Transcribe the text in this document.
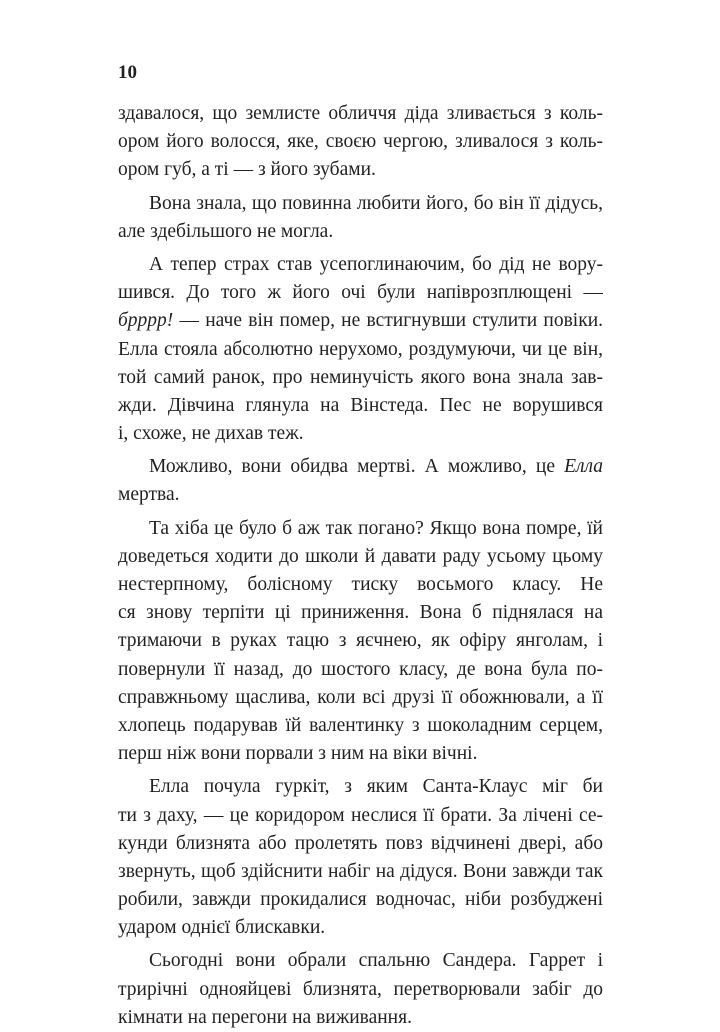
10
здавалося, що землисте обличчя діда зливається з коль-
ором його волосся, яке, своєю чергою, зливалося з коль-
ором губ, а ті — з його зубами.
Вона знала, що повинна любити його, бо він її дідусь,
але здебільшого не могла.
А тепер страх став усепоглинаючим, бо дід не вору-
шився. До того ж його очі були напіврозплющені —
брррр! — наче він помер, не встигнувши стулити повіки.
Елла стояла абсолютно нерухомо, роздумуючи, чи це він,
той самий ранок, про неминучість якого вона знала зав-
жди. Дівчина глянула на Вінстеда. Пес не ворушився
і, схоже, не дихав теж.
Можливо, вони обидва мертві. А можливо, це Елла
мертва.
Та хіба це було б аж так погано? Якщо вона помре, їй
доведеться ходити до школи й давати раду усьому цьому
нестерпному, болісному тиску восьмого класу. Не
ся знову терпіти ці приниження. Вона б піднялася на
тримаючи в руках тацю з яєчнею, як офіру янголам, і
повернули її назад, до шостого класу, де вона була по-
справжньому щаслива, коли всі друзі її обожнювали, а її
хлопець подарував їй валентинку з шоколадним серцем,
перш ніж вони порвали з ним на віки вічні.
Елла почула гуркіт, з яким Санта-Клаус міг би
ти з даху, — це коридором неслися її брати. За лічені се-
кунди близнята або пролетять повз відчинені двері, або
звернуть, щоб здійснити набіг на дідуся. Вони завжди так
робили, завжди прокидалися водночас, ніби розбуджені
ударом однієї блискавки.
Сьогодні вони обрали спальню Сандера. Гаррет і
трирічні однояйцеві близнята, перетворювали забіг до
кімнати на перегони на виживання.
